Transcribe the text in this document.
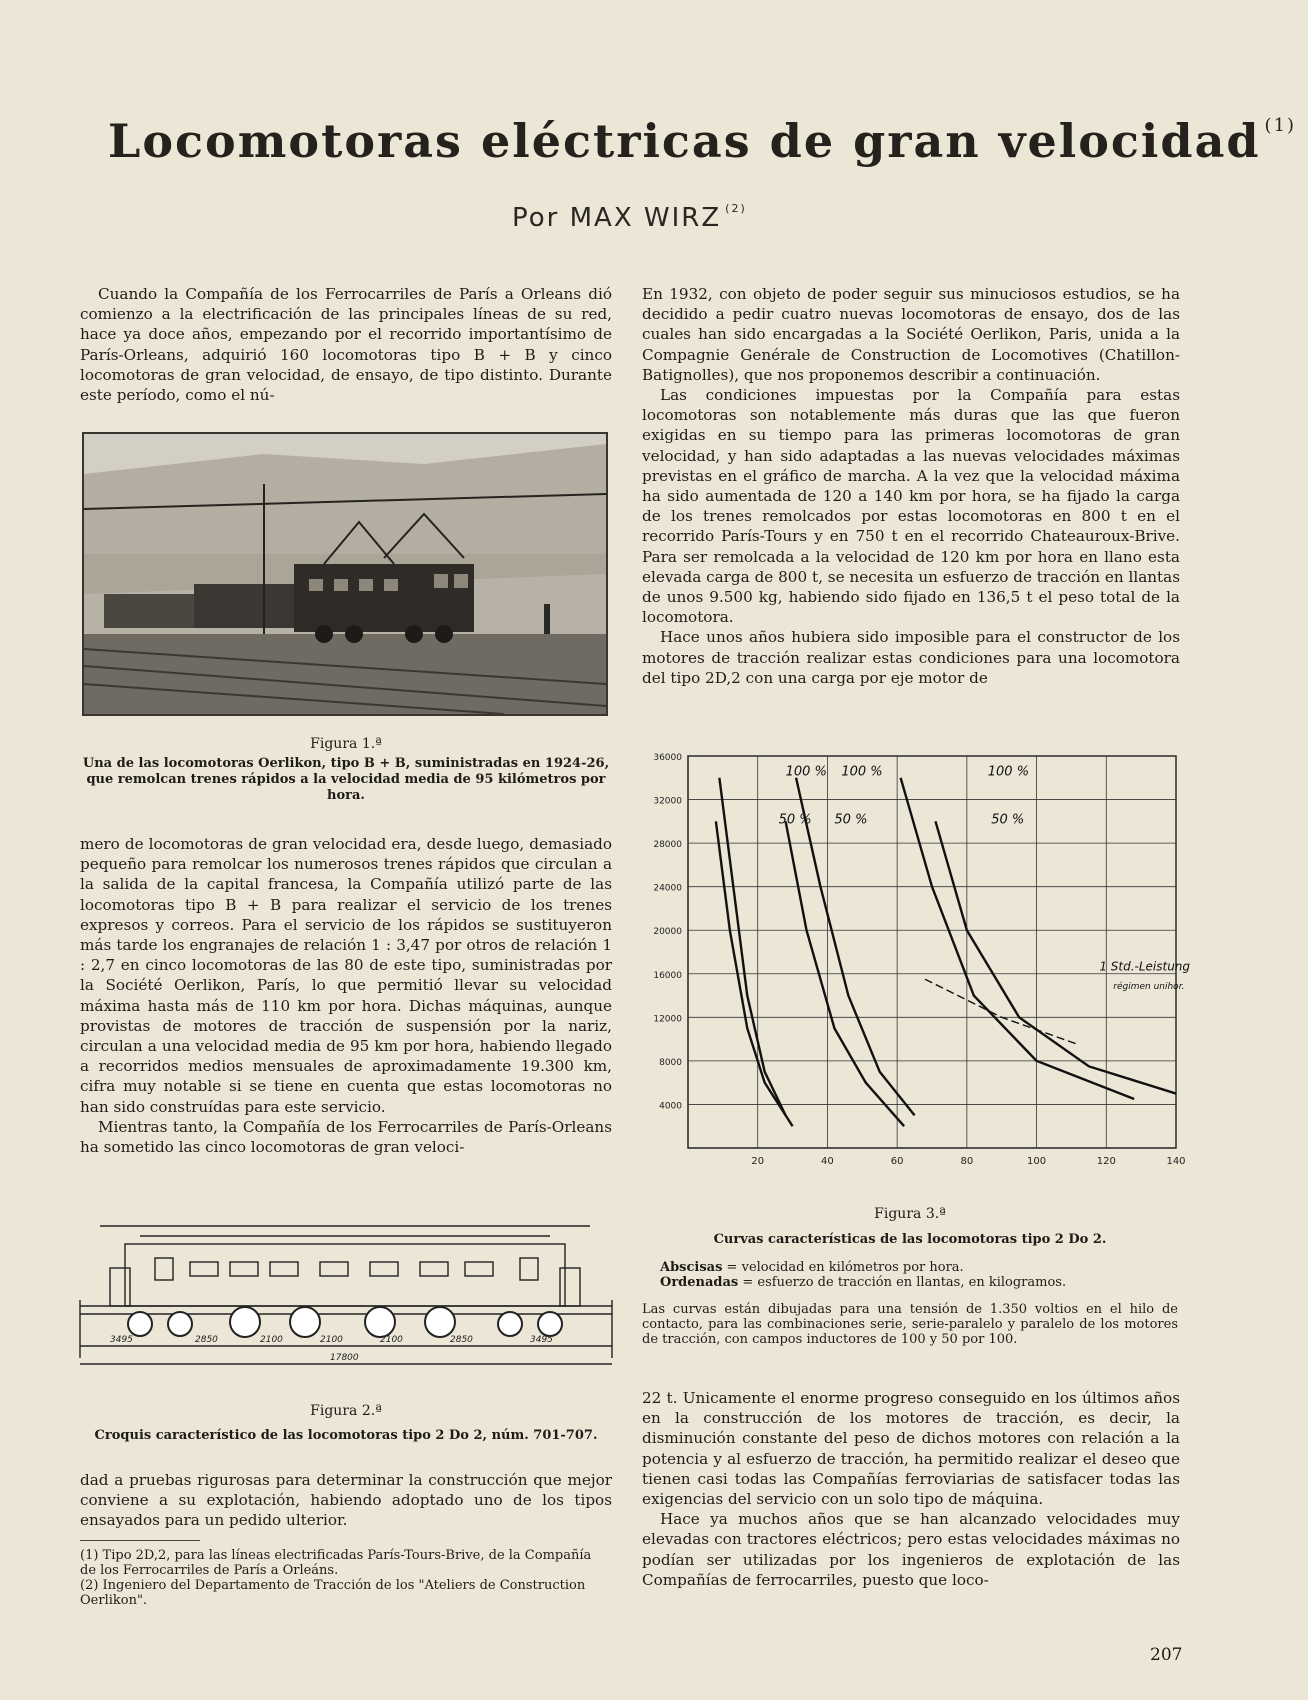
Locomotoras eléctricas de gran velocidad $^{(1)}$
Por MAX WIRZ $^{(2)}$

Cuando la Compañía de los Ferrocarriles de París a Orleans dió comienzo a la electrificación de las principales líneas de su red, hace ya doce años, empezando por el recorrido importantísimo de París-Orleans, adquirió 160 locomotoras tipo B + B y cinco locomotoras de gran velocidad, de ensayo, de tipo distinto. Durante este período, como el nú-

Figura 1.ª
Una de las locomotoras Oerlikon, tipo B + B, suministradas en 1924-26, que remolcan trenes rápidos a la velocidad media de 95 kilómetros por hora.

mero de locomotoras de gran velocidad era, desde luego, demasiado pequeño para remolcar los numerosos trenes rápidos que circulan a la salida de la capital francesa, la Compañía utilizó parte de las locomotoras tipo B + B para realizar el servicio de los trenes expresos y correos. Para el servicio de los rápidos se sustituyeron más tarde los engranajes de relación 1 : 3,47 por otros de relación 1 : 2,7 en cinco locomotoras de las 80 de este tipo, suministradas por la Société Oerlikon, París, lo que permitió llevar su velocidad máxima hasta más de 110 km por hora. Dichas máquinas, aunque provistas de motores de tracción de suspensión por la nariz, circulan a una velocidad media de 95 km por hora, habiendo llegado a recorridos medios mensuales de aproximadamente 19.300 km, cifra muy notable si se tiene en cuenta que estas locomotoras no han sido construídas para este servicio.

Mientras tanto, la Compañía de los Ferrocarriles de París-Orleans ha sometido las cinco locomotoras de gran veloci-

3495	2850	2100	2100	2100	2850	3495
17800
Figura 2.ª
Croquis característico de las locomotoras tipo 2 Do 2, núm. 701-707.

dad a pruebas rigurosas para determinar la construcción que mejor conviene a su explotación, habiendo adoptado uno de los tipos ensayados para un pedido ulterior.

(1) Tipo 2D,2, para las líneas electrificadas París-Tours-Brive, de la Compañía de los Ferrocarriles de París a Orleáns.
(2) Ingeniero del Departamento de Tracción de los "Ateliers de Construction Oerlikon".

En 1932, con objeto de poder seguir sus minuciosos estudios, se ha decidido a pedir cuatro nuevas locomotoras de ensayo, dos de las cuales han sido encargadas a la Société Oerlikon, Paris, unida a la Compagnie Genérale de Construction de Locomotives (Chatillon-Batignolles), que nos proponemos describir a continuación.

Las condiciones impuestas por la Compañía para estas locomotoras son notablemente más duras que las que fueron exigidas en su tiempo para las primeras locomotoras de gran velocidad, y han sido adaptadas a las nuevas velocidades máximas previstas en el gráfico de marcha. A la vez que la velocidad máxima ha sido aumentada de 120 a 140 km por hora, se ha fijado la carga de los trenes remolcados por estas locomotoras en 800 t en el recorrido París-Tours y en 750 t en el recorrido Chateauroux-Brive. Para ser remolcada a la velocidad de 120 km por hora en llano esta elevada carga de 800 t, se necesita un esfuerzo de tracción en llantas de unos 9.500 kg, habiendo sido fijado en 136,5 t el peso total de la locomotora.

Hace unos años hubiera sido imposible para el constructor de los motores de tracción realizar estas condiciones para una locomotora del tipo 2D,2 con una carga por eje motor de

20	40	60	80	100	120	140
4000
8000
12000
16000
20000
24000
28000
32000
36000
100 % 100 %	100 %
50 % 50 %	50 %
1 Std.-Leistung
régimen unihor.
Figura 3.ª
Curvas características de las locomotoras tipo 2 Do 2.
Abscisas = velocidad en kilómetros por hora.
Ordenadas = esfuerzo de tracción en llantas, en kilogramos.
Las curvas están dibujadas para una tensión de 1.350 voltios en el hilo de contacto, para las combinaciones serie, serie-paralelo y paralelo de los motores de tracción, con campos inductores de 100 y 50 por 100.

22 t. Unicamente el enorme progreso conseguido en los últimos años en la construcción de los motores de tracción, es decir, la disminución constante del peso de dichos motores con relación a la potencia y al esfuerzo de tracción, ha permitido realizar el deseo que tienen casi todas las Compañías ferroviarias de satisfacer todas las exigencias del servicio con un solo tipo de máquina.

Hace ya muchos años que se han alcanzado velocidades muy elevadas con tractores eléctricos; pero estas velocidades máximas no podían ser utilizadas por los ingenieros de explotación de las Compañías de ferrocarriles, puesto que loco-

207
